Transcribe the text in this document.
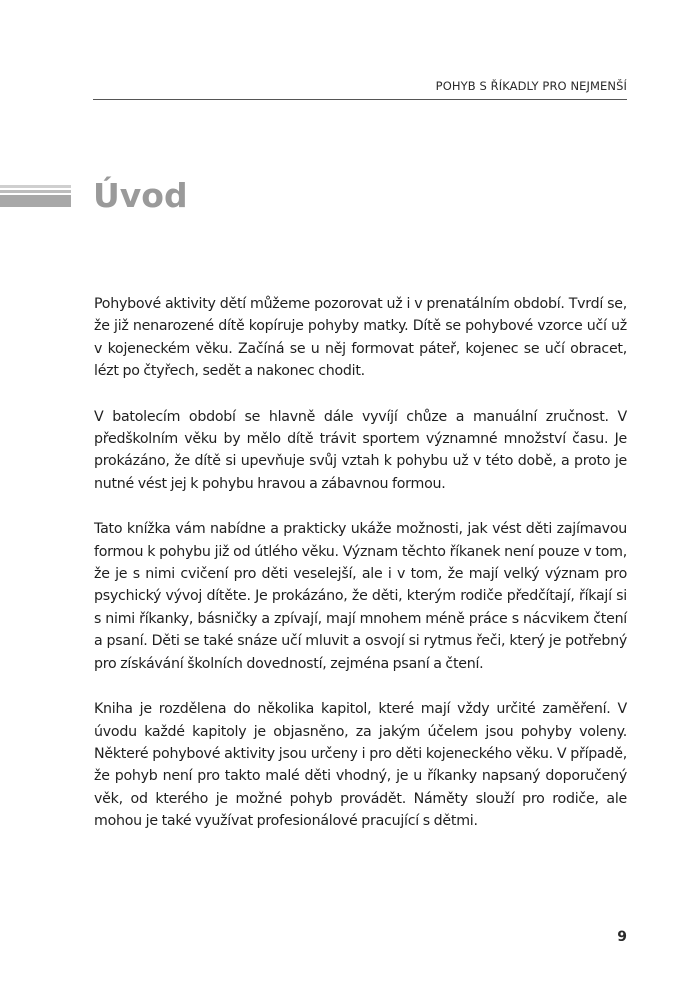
POHYB S ŘÍKADLY PRO NEJMENŠÍ
Úvod

Pohybové aktivity dětí můžeme pozorovat už i v prenatálním období. Tvrdí se, že již nenarozené dítě kopíruje pohyby matky. Dítě se pohybové vzorce učí už v kojeneckém věku. Začíná se u něj formovat páteř, kojenec se učí obracet, lézt po čtyřech, sedět a nakonec chodit.

V batolecím období se hlavně dále vyvíjí chůze a manuální zručnost. V předškolním věku by mělo dítě trávit sportem významné množství času. Je prokázáno, že dítě si upevňuje svůj vztah k pohybu už v této době, a proto je nutné vést jej k pohybu hravou a zábavnou formou.

Tato knížka vám nabídne a prakticky ukáže možnosti, jak vést děti zajímavou formou k pohybu již od útlého věku. Význam těchto říkanek není pouze v tom, že je s nimi cvičení pro děti veselejší, ale i v tom, že mají velký význam pro psychický vývoj dítěte. Je prokázáno, že děti, kterým rodiče předčítají, říkají si s nimi říkanky, básničky a zpívají, mají mnohem méně práce s nácvikem čtení a psaní. Děti se také snáze učí mluvit a osvojí si rytmus řeči, který je potřebný pro získávání školních dovedností, zejména psaní a čtení.

Kniha je rozdělena do několika kapitol, které mají vždy určité zaměření. V úvodu každé kapitoly je objasněno, za jakým účelem jsou pohyby voleny. Některé pohybové aktivity jsou určeny i pro děti kojeneckého věku. V případě, že pohyb není pro takto malé děti vhodný, je u říkanky napsaný doporučený věk, od kterého je možné pohyb provádět. Náměty slouží pro rodiče, ale mohou je také využívat profesionálové pracující s dětmi.

9
